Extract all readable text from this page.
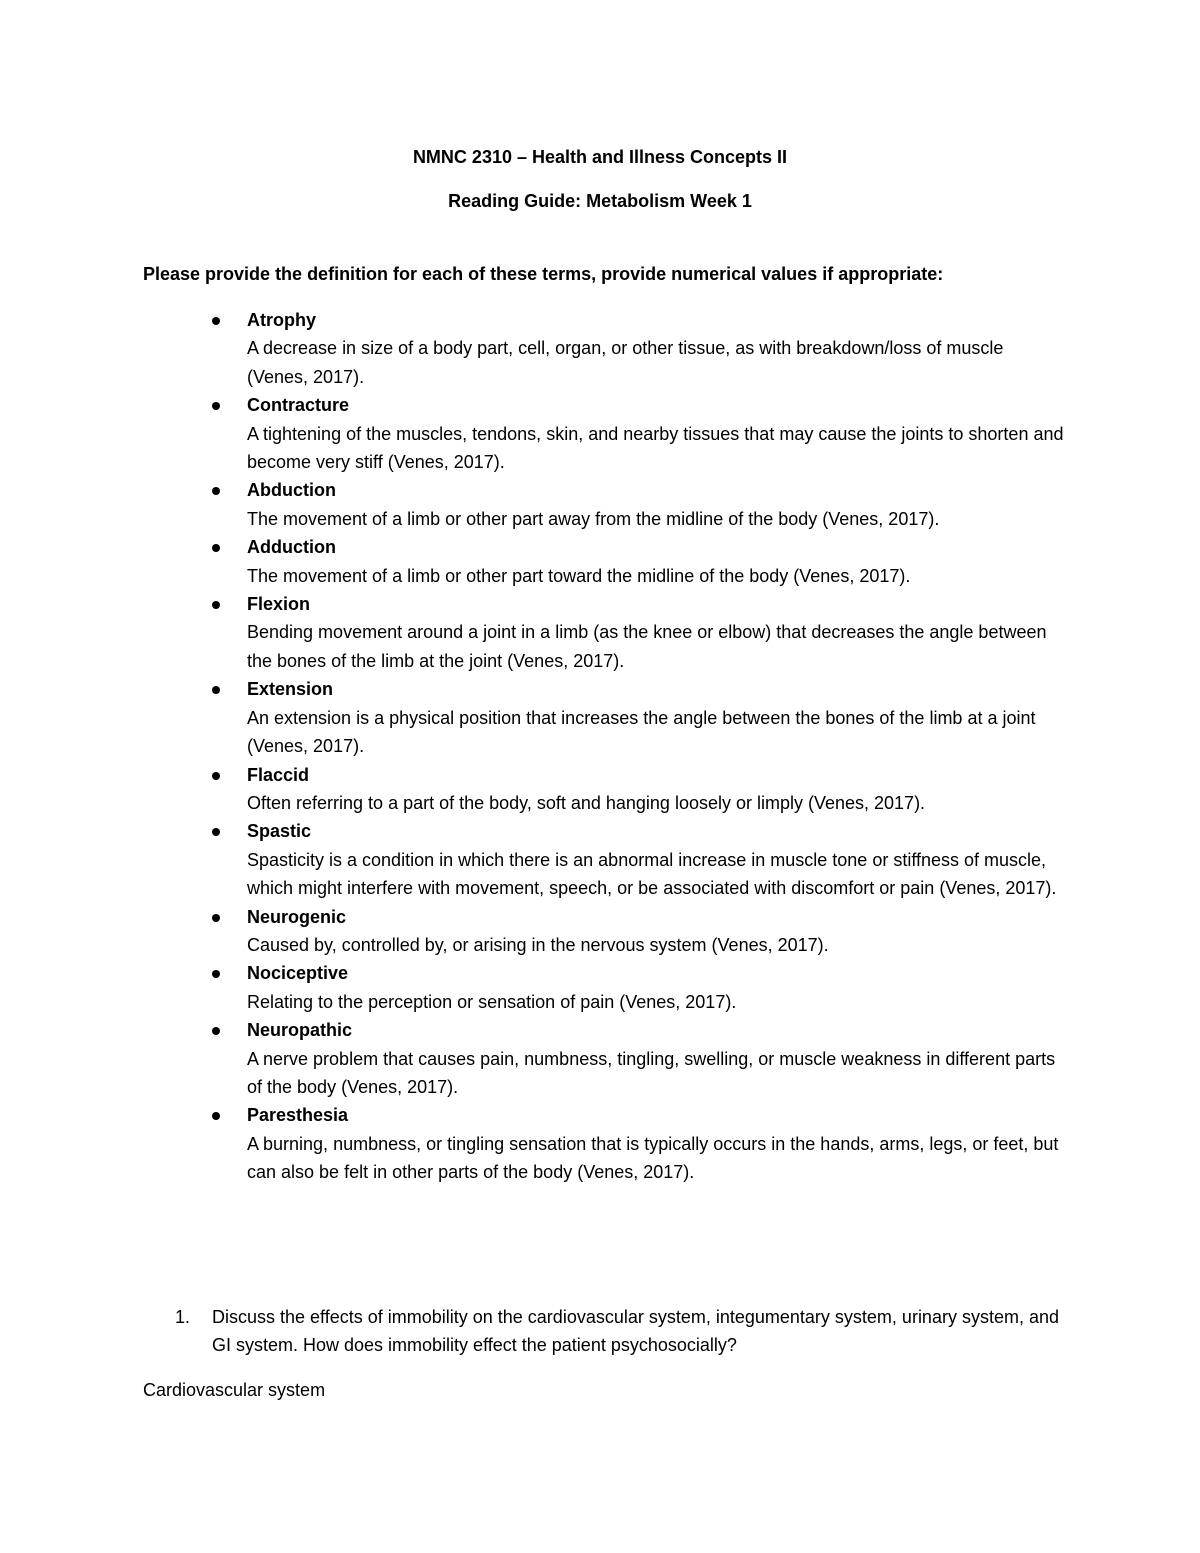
NMNC 2310 – Health and Illness Concepts II

Reading Guide: Metabolism Week 1

Please provide the definition for each of these terms, provide numerical values if appropriate:

Atrophy
A decrease in size of a body part, cell, organ, or other tissue, as with breakdown/loss of muscle (Venes, 2017).
Contracture
A tightening of the muscles, tendons, skin, and nearby tissues that may cause the joints to shorten and become very stiff (Venes, 2017).
Abduction
The movement of a limb or other part away from the midline of the body (Venes, 2017).
Adduction
The movement of a limb or other part toward the midline of the body (Venes, 2017).
Flexion
Bending movement around a joint in a limb (as the knee or elbow) that decreases the angle between the bones of the limb at the joint (Venes, 2017).
Extension
An extension is a physical position that increases the angle between the bones of the limb at a joint (Venes, 2017).
Flaccid
Often referring to a part of the body, soft and hanging loosely or limply (Venes, 2017).
Spastic
Spasticity is a condition in which there is an abnormal increase in muscle tone or stiffness of muscle, which might interfere with movement, speech, or be associated with discomfort or pain (Venes, 2017).
Neurogenic
Caused by, controlled by, or arising in the nervous system (Venes, 2017).
Nociceptive
Relating to the perception or sensation of pain (Venes, 2017).
Neuropathic
A nerve problem that causes pain, numbness, tingling, swelling, or muscle weakness in different parts of the body (Venes, 2017).
Paresthesia
A burning, numbness, or tingling sensation that is typically occurs in the hands, arms, legs, or feet, but can also be felt in other parts of the body (Venes, 2017).
1.	Discuss the effects of immobility on the cardiovascular system, integumentary system, urinary system, and GI system. How does immobility effect the patient psychosocially?
Cardiovascular system
